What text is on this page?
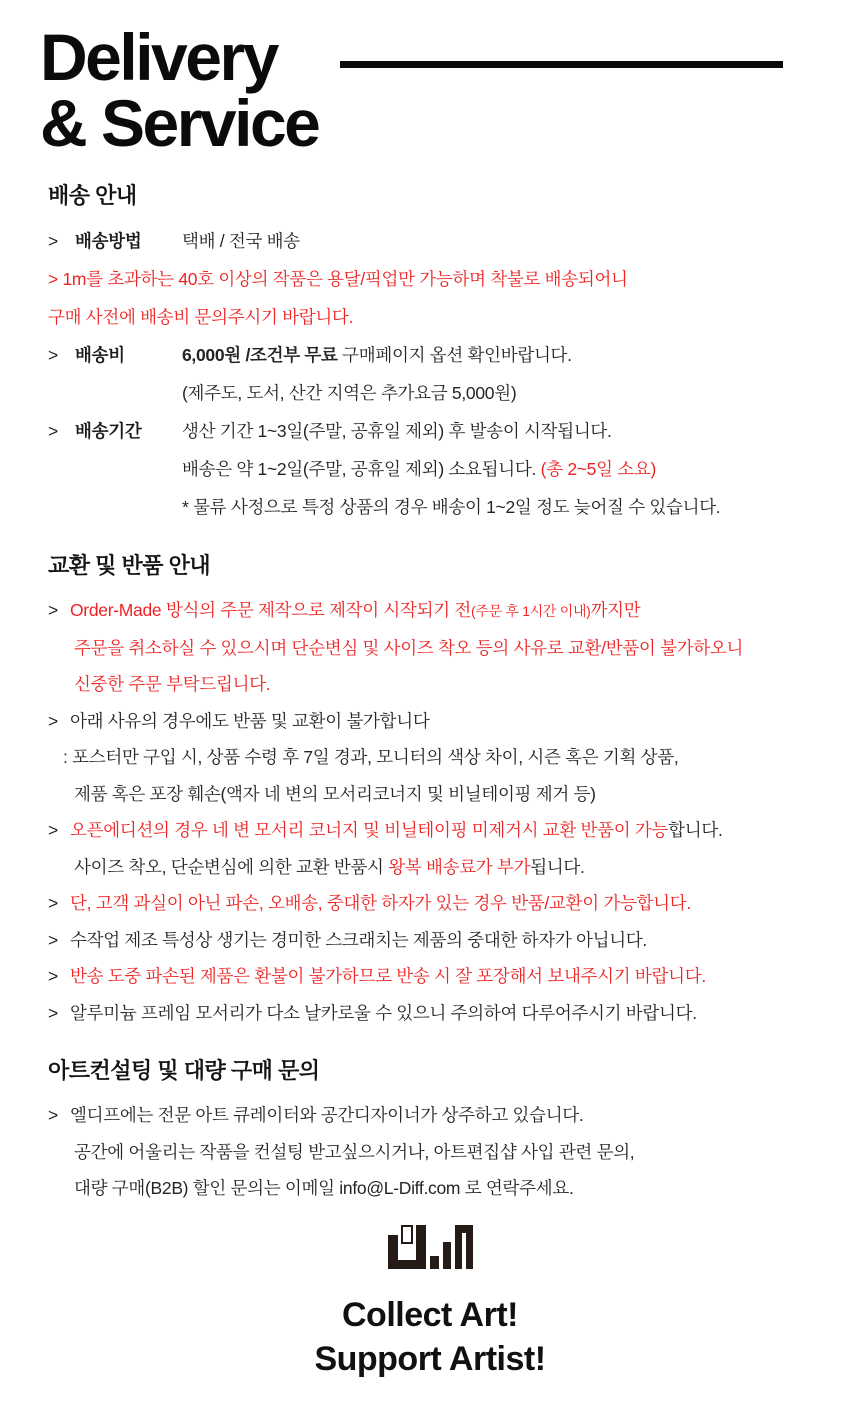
Delivery
& Service
배송 안내
> 배송방법	택배 / 전국 배송
> 1m를 초과하는 40호 이상의 작품은 용달/픽업만 가능하며 착불로 배송되어니
구매 사전에 배송비 문의주시기 바랍니다.
> 배송비	6,000원 /조건부 무료 구매페이지 옵션 확인바랍니다.
(제주도, 도서, 산간 지역은 추가요금 5,000원)
> 배송기간	생산 기간 1~3일(주말, 공휴일 제외) 후 발송이 시작됩니다.
배송은 약 1~2일(주말, 공휴일 제외) 소요됩니다. (총 2~5일 소요)
* 물류 사정으로 특정 상품의 경우 배송이 1~2일 정도 늦어질 수 있습니다.
교환 및 반품 안내
> Order-Made 방식의 주문 제작으로 제작이 시작되기 전(주문 후 1시간 이내)까지만
주문을 취소하실 수 있으시며 단순변심 및 사이즈 착오 등의 사유로 교환/반품이 불가하오니
신중한 주문 부탁드립니다.
> 아래 사유의 경우에도 반품 및 교환이 불가합니다
: 포스터만 구입 시, 상품 수령 후 7일 경과, 모니터의 색상 차이, 시즌 혹은 기획 상품,
제품 혹은 포장 훼손(액자 네 변의 모서리코너지 및 비닐테이핑 제거 등)
> 오픈에디션의 경우 네 변 모서리 코너지 및 비닐테이핑 미제거시 교환 반품이 가능합니다.
사이즈 착오, 단순변심에 의한 교환 반품시 왕복 배송료가 부가됩니다.
> 단, 고객 과실이 아닌 파손, 오배송, 중대한 하자가 있는 경우 반품/교환이 가능합니다.
> 수작업 제조 특성상 생기는 경미한 스크래치는 제품의 중대한 하자가 아닙니다.
> 반송 도중 파손된 제품은 환불이 불가하므로 반송 시 잘 포장해서 보내주시기 바랍니다.
> 알루미늄 프레임 모서리가 다소 날카로울 수 있으니 주의하여 다루어주시기 바랍니다.
아트컨설팅 및 대량 구매 문의
> 엘디프에는 전문 아트 큐레이터와 공간디자이너가 상주하고 있습니다.
공간에 어울리는 작품을 컨설팅 받고싶으시거나, 아트편집샵 사입 관련 문의,
대량 구매(B2B) 할인 문의는 이메일 info@L-Diff.com 로 연락주세요.
Collect Art!
Support Artist!
